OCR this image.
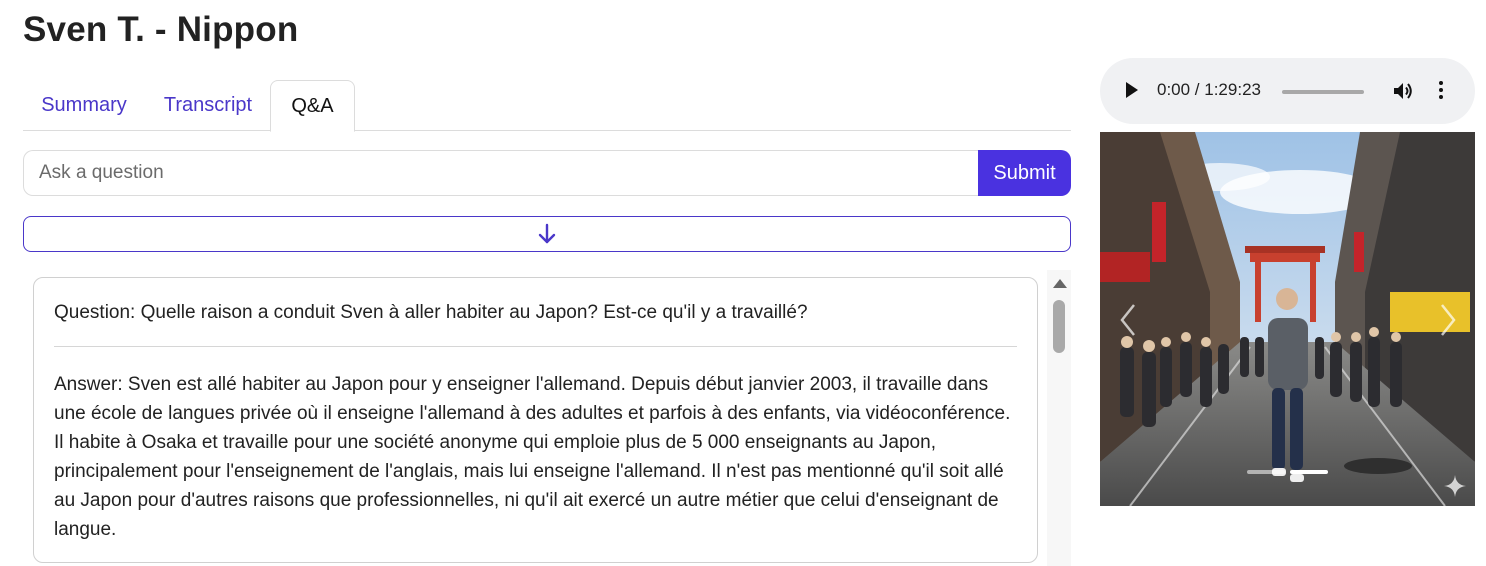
Sven T. - Nippon
Summary	Transcript	Q&A
Ask a question
Submit
Question: Quelle raison a conduit Sven à aller habiter au Japon? Est-ce qu'il y a travaillé?
Answer: Sven est allé habiter au Japon pour y enseigner l'allemand. Depuis début janvier 2003, il travaille dans une école de langues privée où il enseigne l'allemand à des adultes et parfois à des enfants, via vidéoconférence. Il habite à Osaka et travaille pour une société anonyme qui emploie plus de 5 000 enseignants au Japon, principalement pour l'enseignement de l'anglais, mais lui enseigne l'allemand. Il n'est pas mentionné qu'il soit allé au Japon pour d'autres raisons que professionnelles, ni qu'il ait exercé un autre métier que celui d'enseignant de langue.
0:00 / 1:29:23
